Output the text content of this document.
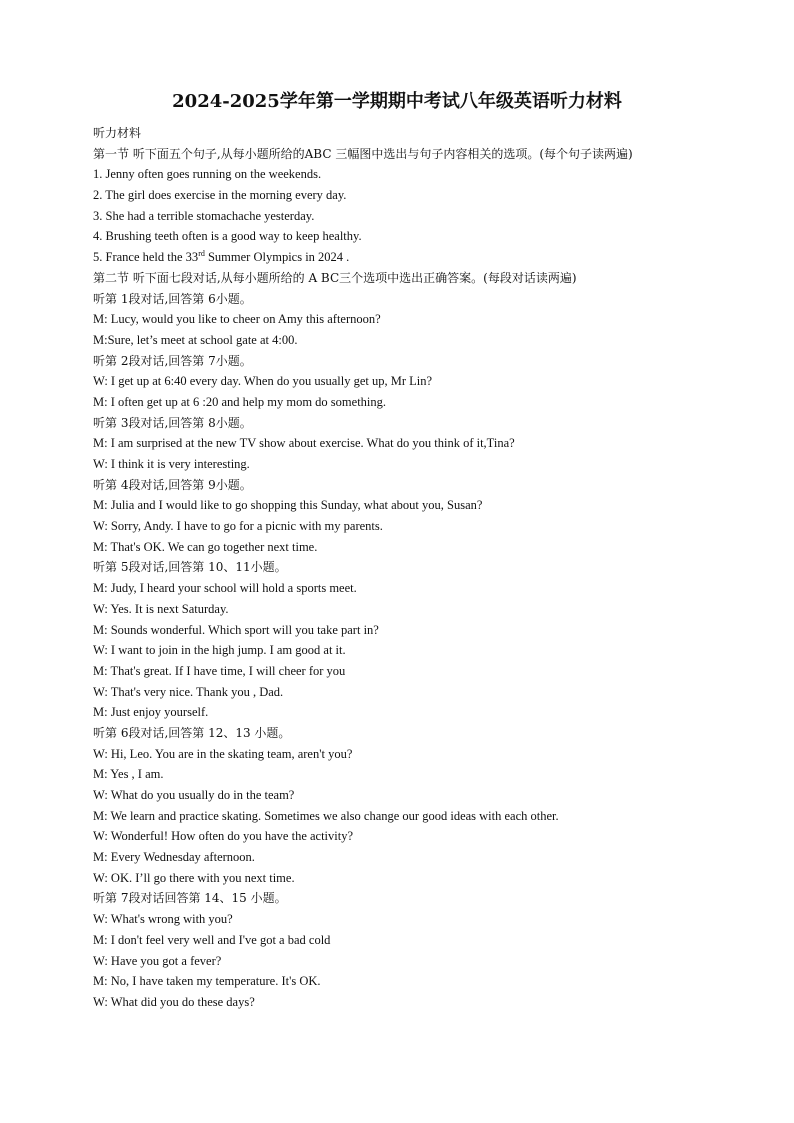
2024-2025学年第一学期期中考试八年级英语听力材料

听力材料

第一节 听下面五个句子,从每小题所给的ABC 三幅图中选出与句子内容相关的选项。(每个句子读两遍)

1. Jenny often goes running on the weekends.

2. The girl does exercise in the morning every day.

3. She had a terrible stomachache yesterday.

4. Brushing teeth often is a good way to keep healthy.

5. France held the 33rd Summer Olympics in 2024 .

第二节 听下面七段对话,从每小题所给的 A BC三个选项中选出正确答案。(每段对话读两遍)

听第 1段对话,回答第 6小题。

M: Lucy, would you like to cheer on Amy this afternoon?

M:Sure, let’s meet at school gate at 4:00.

听第 2段对话,回答第 7小题。

W: I get up at 6:40 every day. When do you usually get up, Mr Lin?

M: I often get up at 6 :20 and help my mom do something.

听第 3段对话,回答第 8小题。

M: I am surprised at the new TV show about exercise. What do you think of it,Tina?

W: I think it is very interesting.

听第 4段对话,回答第 9小题。

M: Julia and I would like to go shopping this Sunday, what about you, Susan?

W: Sorry, Andy. I have to go for a picnic with my parents.

M: That's OK. We can go together next time.

听第 5段对话,回答第 10、11小题。

M: Judy, I heard your school will hold a sports meet.

W: Yes. It is next Saturday.

M: Sounds wonderful. Which sport will you take part in?

W: I want to join in the high jump. I am good at it.

M: That's great. If I have time, I will cheer for you

W: That's very nice. Thank you , Dad.

M: Just enjoy yourself.

听第 6段对话,回答第 12、13 小题。

W: Hi, Leo. You are in the skating team, aren't you?

M: Yes , I am.

W: What do you usually do in the team?

M: We learn and practice skating. Sometimes we also change our good ideas with each other.

W: Wonderful! How often do you have the activity?

M: Every Wednesday afternoon.

W: OK. I’ll go there with you next time.

听第 7段对话回答第 14、15 小题。

W: What's wrong with you?

M: I don't feel very well and I've got a bad cold

W: Have you got a fever?

M: No, I have taken my temperature. It's OK.

W: What did you do these days?
